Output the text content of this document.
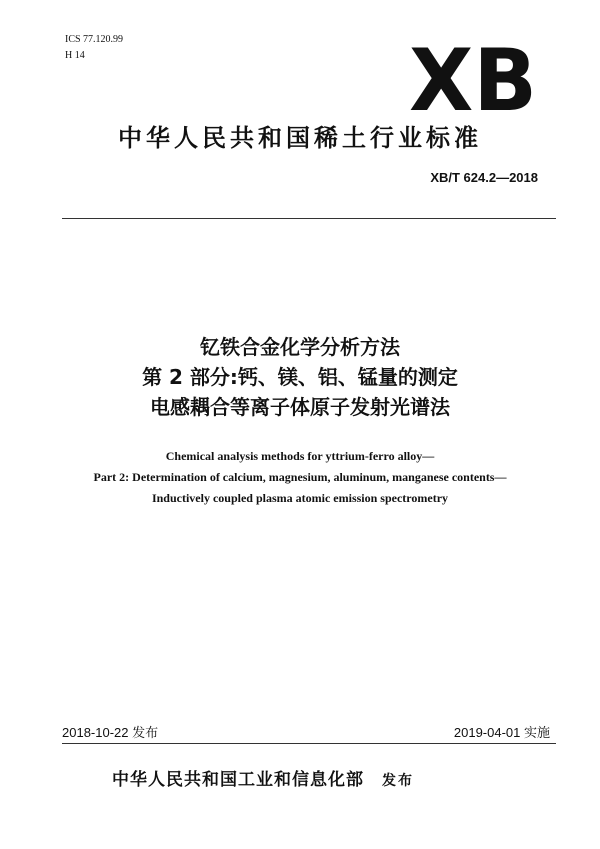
ICS 77.120.99
H 14	XB
中华人民共和国稀土行业标准
XB/T 624.2—2018
钇铁合金化学分析方法
第 2 部分:钙、镁、铝、锰量的测定
电感耦合等离子体原子发射光谱法
Chemical analysis methods for yttrium-ferro alloy—
Part 2: Determination of calcium, magnesium, aluminum, manganese contents—
Inductively coupled plasma atomic emission spectrometry
2018-10-22 发布	2019-04-01 实施
中华人民共和国工业和信息化部 发布
